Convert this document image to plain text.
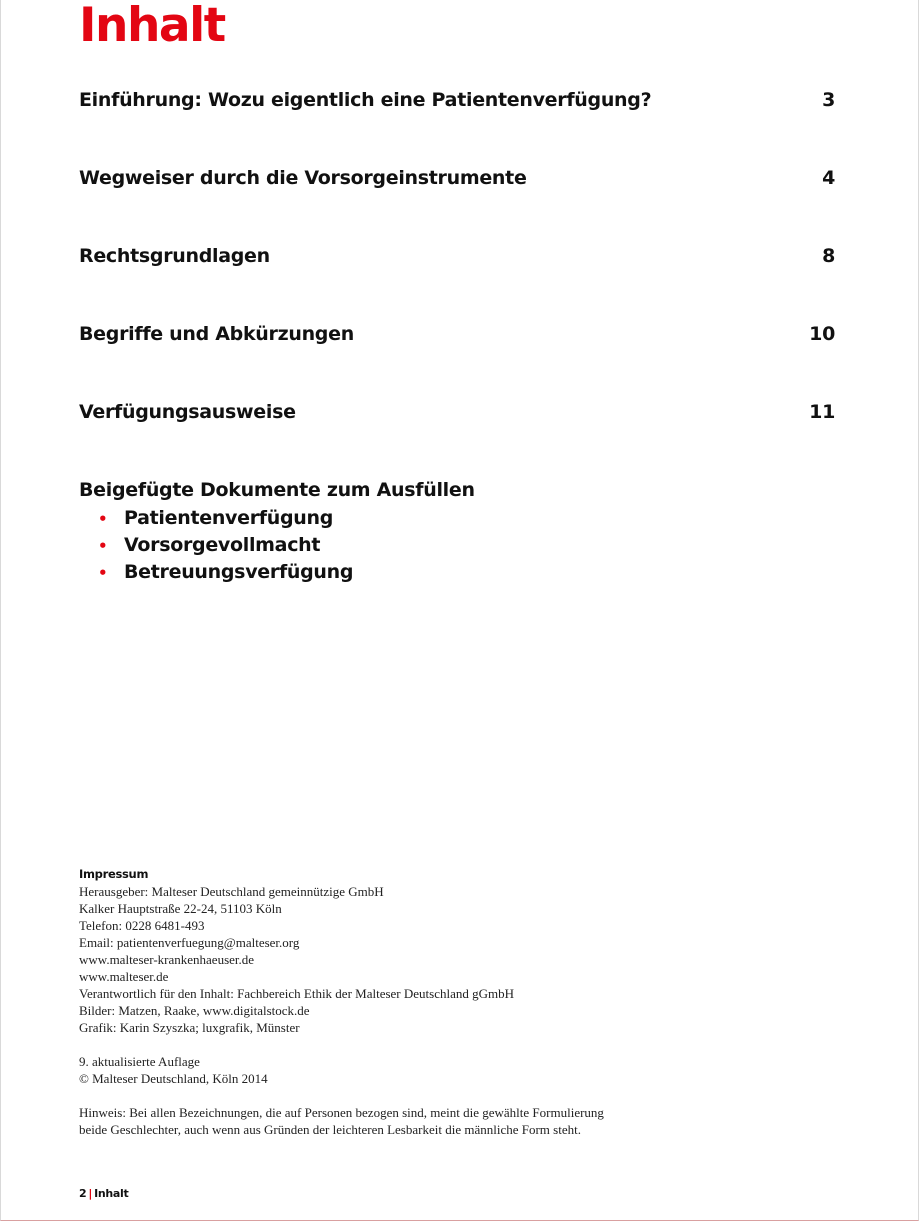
Inhalt
Einführung: Wozu eigentlich eine Patientenverfügung?	3
Wegweiser durch die Vorsorgeinstrumente	4
Rechtsgrundlagen	8
Begriffe und Abkürzungen	10
Verfügungsausweise	11
Beigefügte Dokumente zum Ausfüllen
• Patientenverfügung
• Vorsorgevollmacht
• Betreuungsverfügung
Impressum
Herausgeber: Malteser Deutschland gemeinnützige GmbH
Kalker Hauptstraße 22-24, 51103 Köln
Telefon: 0228 6481-493
Email: patientenverfuegung@malteser.org
www.malteser-krankenhaeuser.de
www.malteser.de
Verantwortlich für den Inhalt: Fachbereich Ethik der Malteser Deutschland gGmbH
Bilder: Matzen, Raake, www.digitalstock.de
Grafik: Karin Szyszka; luxgrafik, Münster
9. aktualisierte Auflage
© Malteser Deutschland, Köln 2014
Hinweis: Bei allen Bezeichnungen, die auf Personen bezogen sind, meint die gewählte Formulierung
beide Geschlechter, auch wenn aus Gründen der leichteren Lesbarkeit die männliche Form steht.
2 | Inhalt
